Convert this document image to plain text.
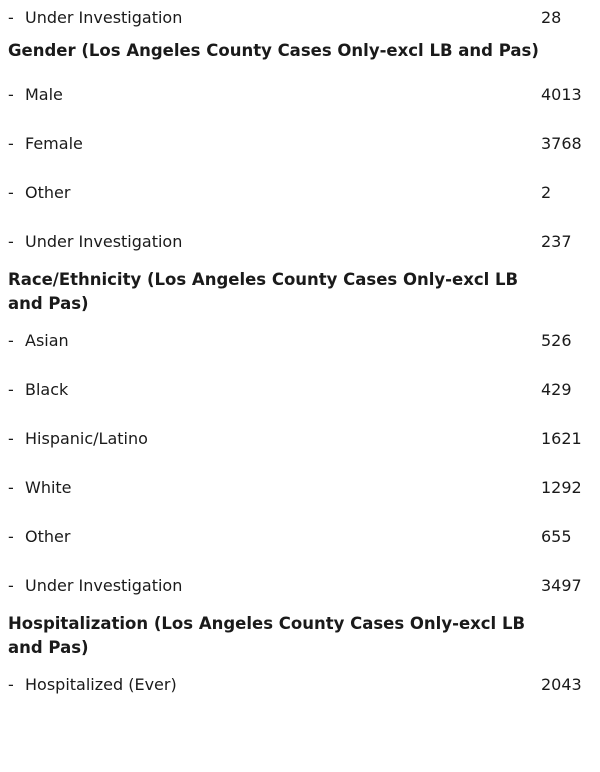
- Under Investigation	28
Gender (Los Angeles County Cases Only-excl LB and Pas)
- Male	4013
- Female	3768
- Other	2
- Under Investigation	237
Race/Ethnicity (Los Angeles County Cases Only-excl LB and Pas)
- Asian	526
- Black	429
- Hispanic/Latino	1621
- White	1292
- Other	655
- Under Investigation	3497
Hospitalization (Los Angeles County Cases Only-excl LB and Pas)
- Hospitalized (Ever)	2043
